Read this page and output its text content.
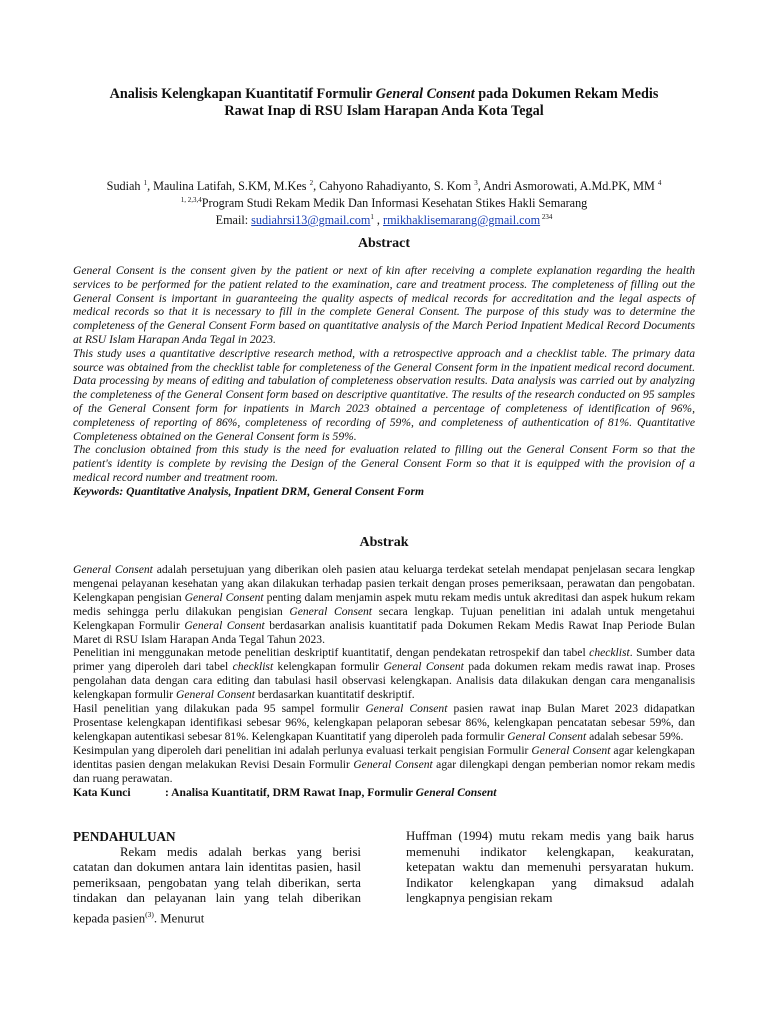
Analisis Kelengkapan Kuantitatif Formulir General Consent pada Dokumen Rekam Medis
Rawat Inap di RSU Islam Harapan Anda Kota Tegal
Sudiah $^1$, Maulina Latifah, S.KM, M.Kes $^2$, Cahyono Rahadiyanto, S. Kom $^3$, Andri Asmorowati, A.Md.PK, MM $^4$
$^{1, 2,3,4}$Program Studi Rekam Medik Dan Informasi Kesehatan Stikes Hakli Semarang
Email: sudiahrsi13@gmail.com$^1$ , rmikhaklisemarang@gmail.com $^{234}$
Abstract

General Consent is the consent given by the patient or next of kin after receiving a complete explanation regarding the health services to be performed for the patient related to the examination, care and treatment process. The completeness of filling out the General Consent is important in guaranteeing the quality aspects of medical records for accreditation and the legal aspects of medical records so that it is necessary to fill in the complete General Consent. The purpose of this study was to determine the completeness of the General Consent Form based on quantitative analysis of the March Period Inpatient Medical Record Documents at RSU Islam Harapan Anda Tegal in 2023.

This study uses a quantitative descriptive research method, with a retrospective approach and a checklist table. The primary data source was obtained from the checklist table for completeness of the General Consent form in the inpatient medical record document. Data processing by means of editing and tabulation of completeness observation results. Data analysis was carried out by analyzing the completeness of the General Consent form based on descriptive quantitative. The results of the research conducted on 95 samples of the General Consent form for inpatients in March 2023 obtained a percentage of completeness of identification of 96%, completeness of reporting of 86%, completeness of recording of 59%, and completeness of authentication of 81%. Quantitative Completeness obtained on the General Consent form is 59%.

The conclusion obtained from this study is the need for evaluation related to filling out the General Consent Form so that the patient's identity is complete by revising the Design of the General Consent Form so that it is equipped with the provision of a medical record number and treatment room.

Keywords: Quantitative Analysis, Inpatient DRM, General Consent Form

Abstrak

General Consent adalah persetujuan yang diberikan oleh pasien atau keluarga terdekat setelah mendapat penjelasan secara lengkap mengenai pelayanan kesehatan yang akan dilakukan terhadap pasien terkait dengan proses pemeriksaan, perawatan dan pengobatan. Kelengkapan pengisian General Consent penting dalam menjamin aspek mutu rekam medis untuk akreditasi dan aspek hukum rekam medis sehingga perlu dilakukan pengisian General Consent secara lengkap. Tujuan penelitian ini adalah untuk mengetahui Kelengkapan Formulir General Consent berdasarkan analisis kuantitatif pada Dokumen Rekam Medis Rawat Inap Periode Bulan Maret di RSU Islam Harapan Anda Tegal Tahun 2023.

Penelitian ini menggunakan metode penelitian deskriptif kuantitatif, dengan pendekatan retrospekif dan tabel checklist. Sumber data primer yang diperoleh dari tabel checklist kelengkapan formulir General Consent pada dokumen rekam medis rawat inap. Proses pengolahan data dengan cara editing dan tabulasi hasil observasi kelengkapan. Analisis data dilakukan dengan cara menganalisis kelengkapan formulir General Consent berdasarkan kuantitatif deskriptif.

Hasil penelitian yang dilakukan pada 95 sampel formulir General Consent pasien rawat inap Bulan Maret 2023 didapatkan Prosentase kelengkapan identifikasi sebesar 96%, kelengkapan pelaporan sebesar 86%, kelengkapan pencatatan sebesar 59%, dan kelengkapan autentikasi sebesar 81%. Kelengkapan Kuantitatif yang diperoleh pada formulir General Consent adalah sebesar 59%.

Kesimpulan yang diperoleh dari penelitian ini adalah perlunya evaluasi terkait pengisian Formulir General Consent agar kelengkapan identitas pasien dengan melakukan Revisi Desain Formulir General Consent agar dilengkapi dengan pemberian nomor rekam medis dan ruang perawatan.

Kata Kunci	: Analisa Kuantitatif, DRM Rawat Inap, Formulir General Consent

PENDAHULUAN

Rekam medis adalah berkas yang berisi catatan dan dokumen antara lain identitas pasien, hasil pemeriksaan, pengobatan yang telah diberikan, serta tindakan dan pelayanan lain yang telah diberikan kepada pasien$^{(3)}$. Menurut

Huffman (1994) mutu rekam medis yang baik harus memenuhi indikator kelengkapan, keakuratan, ketepatan waktu dan memenuhi persyaratan hukum. Indikator kelengkapan yang dimaksud adalah lengkapnya pengisian rekam
